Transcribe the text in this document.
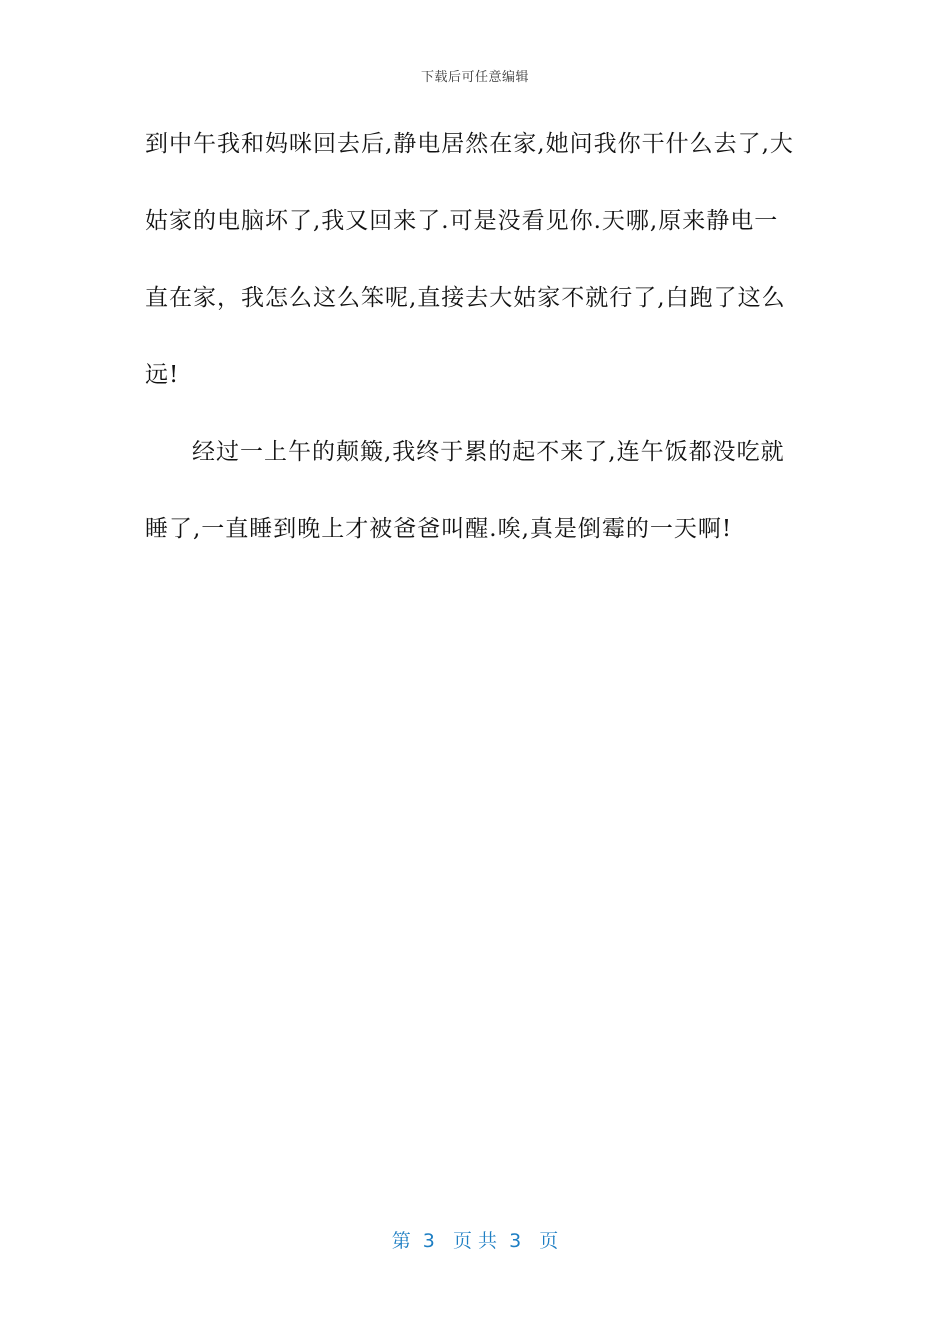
下载后可任意编辑
到中午我和妈咪回去后,静电居然在家,她问我你干什么去了,大
姑家的电脑坏了,我又回来了.可是没看见你.天哪,原来静电一
直在家，我怎么这么笨呢,直接去大姑家不就行了,白跑了这么
远!
经过一上午的颠簸,我终于累的起不来了,连午饭都没吃就
睡了,一直睡到晚上才被爸爸叫醒.唉,真是倒霉的一天啊!
第  3   页 共  3   页
